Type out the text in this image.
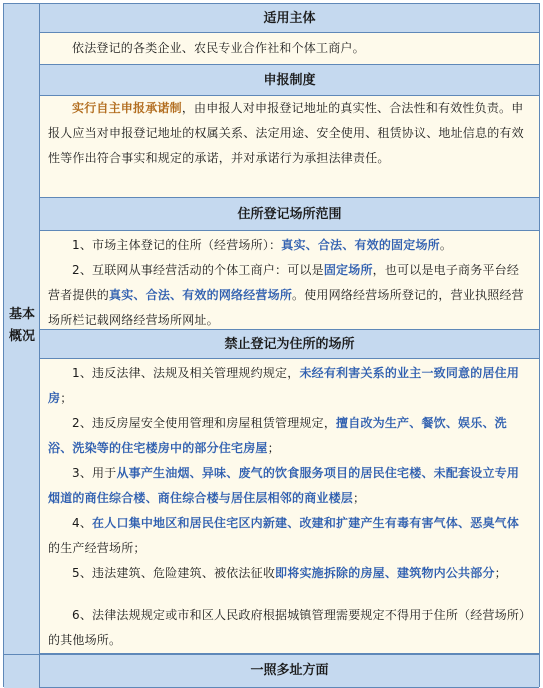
基本
概况
适用主体
依法登记的各类企业、农民专业合作社和个体工商户。
申报制度
实行自主申报承诺制，由申报人对申报登记地址的真实性、合法性和有效性负责。申报人应当对申报登记地址的权属关系、法定用途、安全使用、租赁协议、地址信息的有效性等作出符合事实和规定的承诺，并对承诺行为承担法律责任。
住所登记场所范围
1、市场主体登记的住所（经营场所）：真实、合法、有效的固定场所。
2、互联网从事经营活动的个体工商户：可以是固定场所，也可以是电子商务平台经营者提供的真实、合法、有效的网络经营场所。使用网络经营场所登记的，营业执照经营场所栏记载网络经营场所网址。
禁止登记为住所的场所
1、违反法律、法规及相关管理规约规定，未经有利害关系的业主一致同意的居住用房；
2、违反房屋安全使用管理和房屋租赁管理规定，擅自改为生产、餐饮、娱乐、洗浴、洗染等的住宅楼房中的部分住宅房屋；
3、用于从事产生油烟、异味、废气的饮食服务项目的居民住宅楼、未配套设立专用烟道的商住综合楼、商住综合楼与居住层相邻的商业楼层；
4、在人口集中地区和居民住宅区内新建、改建和扩建产生有毒有害气体、恶臭气体的生产经营场所；
5、违法建筑、危险建筑、被依法征收即将实施拆除的房屋、建筑物内公共部分；
6、法律法规规定或市和区人民政府根据城镇管理需要规定不得用于住所（经营场所）的其他场所。
一照多址方面
